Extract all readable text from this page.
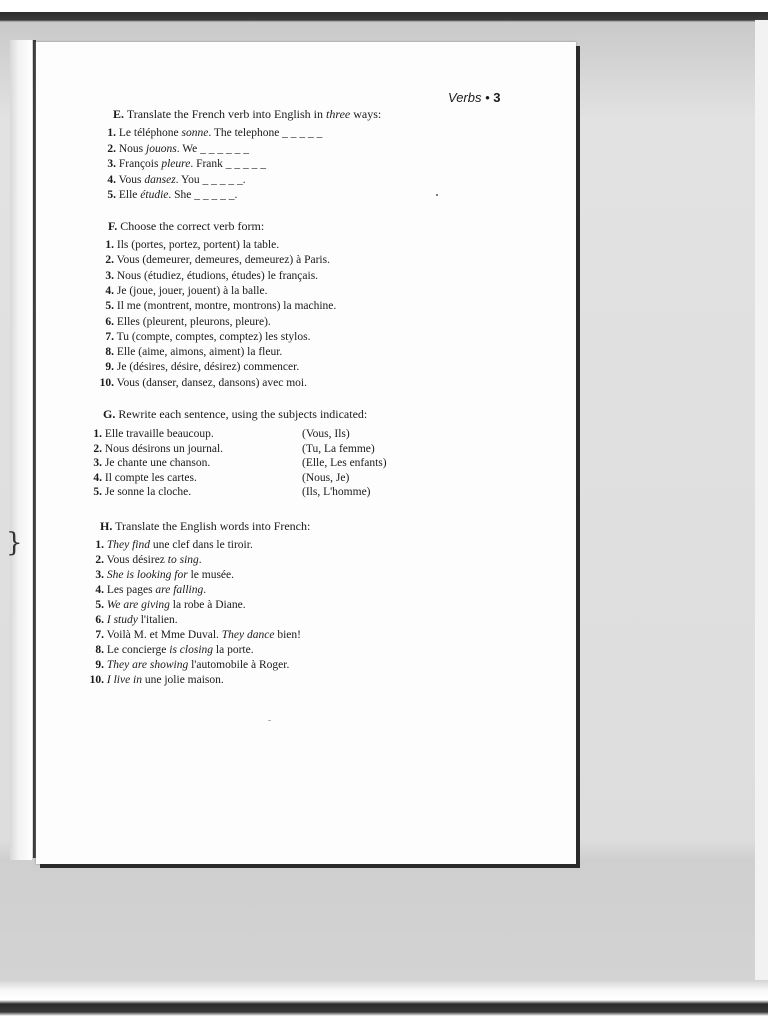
Verbs • 3
E. Translate the French verb into English in three ways:
1. Le téléphone sonne. The telephone _ _ _ _ _
2. Nous jouons. We _ _ _ _ _ _
3. François pleure. Frank _ _ _ _ _
4. Vous dansez. You _ _ _ _ _.
5. Elle étudie. She _ _ _ _ _.
F. Choose the correct verb form:
1. Ils (portes, portez, portent) la table.
2. Vous (demeurer, demeures, demeurez) à Paris.
3. Nous (étudiez, étudions, études) le français.
4. Je (joue, jouer, jouent) à la balle.
5. Il me (montrent, montre, montrons) la machine.
6. Elles (pleurent, pleurons, pleure).
7. Tu (compte, comptes, comptez) les stylos.
8. Elle (aime, aimons, aiment) la fleur.
9. Je (désires, désire, désirez) commencer.
10. Vous (danser, dansez, dansons) avec moi.
G. Rewrite each sentence, using the subjects indicated:
1. Elle travaille beaucoup.	(Vous, Ils)
2. Nous désirons un journal.	(Tu, La femme)
3. Je chante une chanson.	(Elle, Les enfants)
4. Il compte les cartes.	(Nous, Je)
5. Je sonne la cloche.	(Ils, L'homme)
H. Translate the English words into French:
1. They find une clef dans le tiroir.
2. Vous désirez to sing.
3. She is looking for le musée.
4. Les pages are falling.
5. We are giving la robe à Diane.
6. I study l'italien.
7. Voilà M. et Mme Duval. They dance bien!
8. Le concierge is closing la porte.
9. They are showing l'automobile à Roger.
10. I live in une jolie maison.
}
